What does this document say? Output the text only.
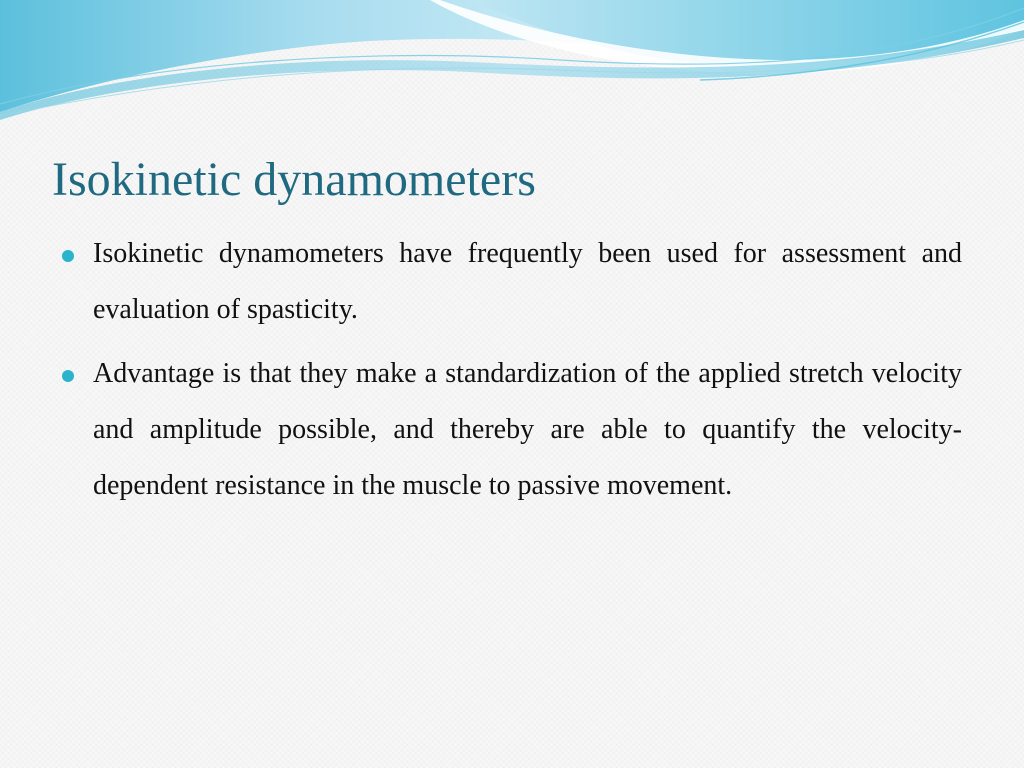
Isokinetic dynamometers
Isokinetic dynamometers have frequently been used for assessment and evaluation of spasticity.
Advantage is that they make a standardization of the applied stretch velocity and amplitude possible, and thereby are able to quantify the velocity-dependent resistance in the muscle to passive movement.
